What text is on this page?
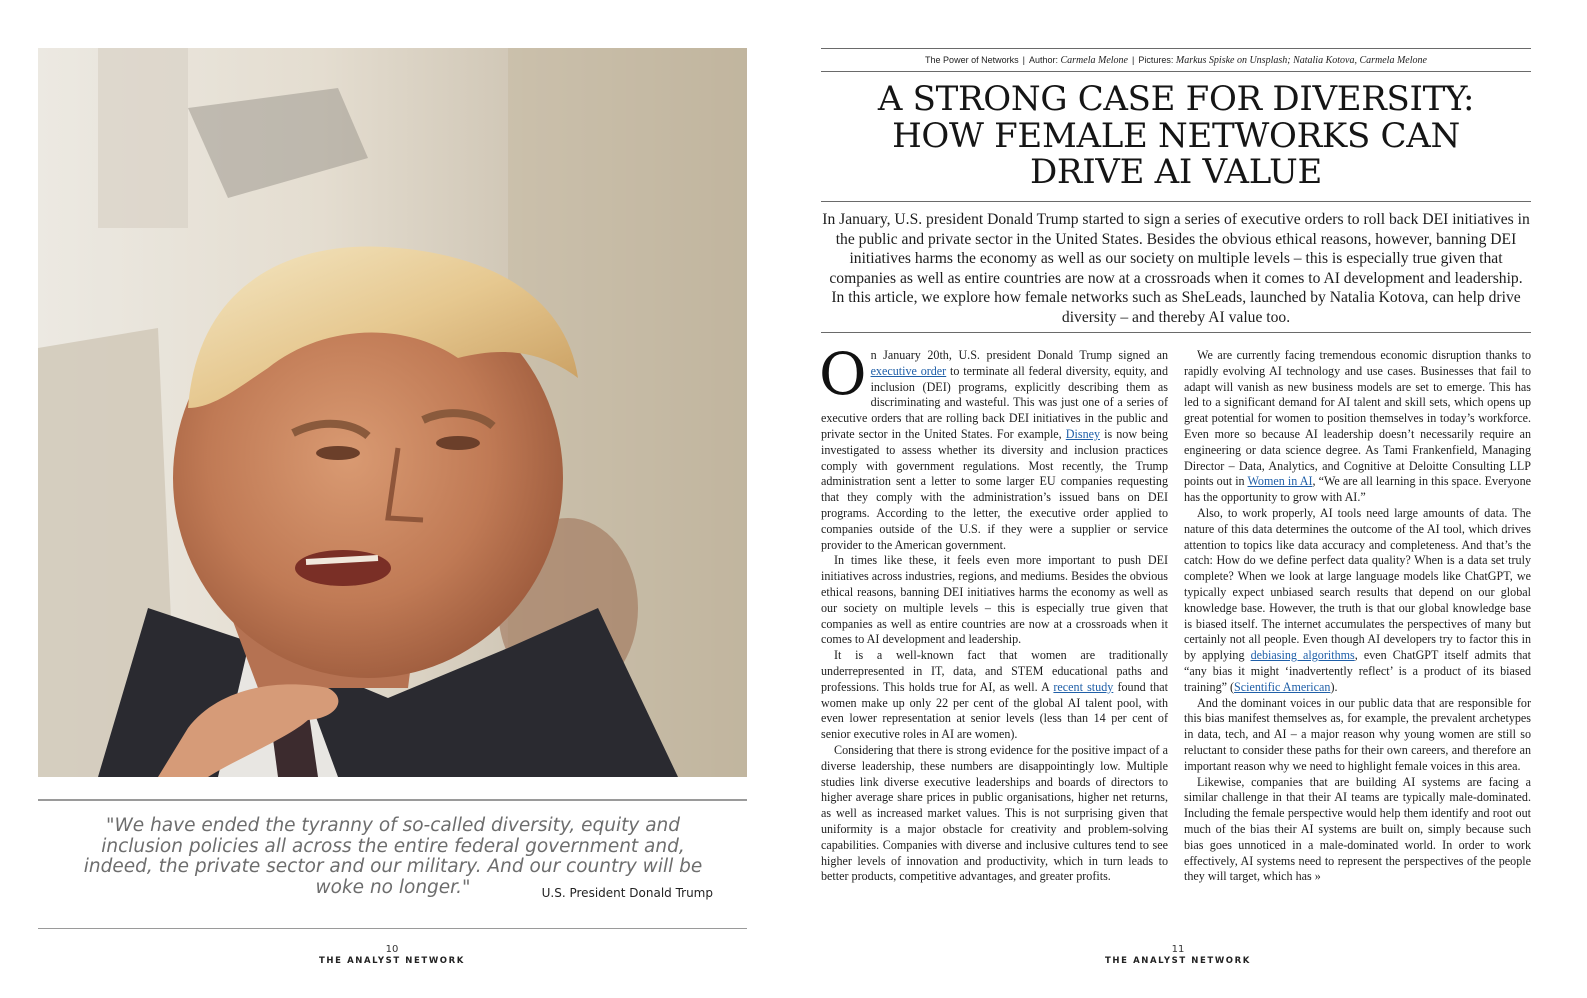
"We have ended the tyranny of so-called diversity, equity and inclusion policies all across the entire federal government and, indeed, the private sector and our military. And our country will be woke no longer."	U.S. President Donald Trump
10
THE ANALYST NETWORK
The Power of Networks | Author: Carmela Melone | Pictures: Markus Spiske on Unsplash; Natalia Kotova, Carmela Melone
A STRONG CASE FOR DIVERSITY:
HOW FEMALE NETWORKS CAN
DRIVE AI VALUE

In January, U.S. president Donald Trump started to sign a series of executive orders to roll back DEI initiatives in the public and private sector in the United States. Besides the obvious ethical reasons, however, banning DEI initiatives harms the economy as well as our society on multiple levels – this is especially true given that companies as well as entire countries are now at a crossroads when it comes to AI development and leadership. In this article, we explore how female networks such as SheLeads, launched by Natalia Kotova, can help drive diversity – and thereby AI value too.

On January 20th, U.S. president Donald Trump signed an executive order to terminate all federal diversity, equity, and inclusion (DEI) programs, explicitly describing them as discriminating and wasteful. This was just one of a series of executive orders that are rolling back DEI initiatives in the public and private sector in the United States. For example, Disney is now being investigated to assess whether its diversity and inclusion practices comply with government regulations. Most recently, the Trump administration sent a letter to some larger EU companies requesting that they comply with the administration’s issued bans on DEI programs. According to the letter, the executive order applied to companies outside of the U.S. if they were a supplier or service provider to the American government.

In times like these, it feels even more important to push DEI initiatives across industries, regions, and mediums. Besides the obvious ethical reasons, banning DEI initiatives harms the economy as well as our society on multiple levels – this is especially true given that companies as well as entire countries are now at a crossroads when it comes to AI development and leadership.

It is a well-known fact that women are traditionally underrepresented in IT, data, and STEM educational paths and professions. This holds true for AI, as well. A recent study found that women make up only 22 per cent of the global AI talent pool, with even lower representation at senior levels (less than 14 per cent of senior executive roles in AI are women).

Considering that there is strong evidence for the positive impact of a diverse leadership, these numbers are disappointingly low. Multiple studies link diverse executive leaderships and boards of directors to higher average share prices in public organisations, higher net returns, as well as increased market values. This is not surprising given that uniformity is a major obstacle for creativity and problem-solving capabilities. Companies with diverse and inclusive cultures tend to see higher levels of innovation and productivity, which in turn leads to better products, competitive advantages, and greater profits.

We are currently facing tremendous economic disruption thanks to rapidly evolving AI technology and use cases. Businesses that fail to adapt will vanish as new business models are set to emerge. This has led to a significant demand for AI talent and skill sets, which opens up great potential for women to position themselves in today’s workforce. Even more so because AI leadership doesn’t necessarily require an engineering or data science degree. As Tami Frankenfield, Managing Director – Data, Analytics, and Cognitive at Deloitte Consulting LLP points out in Women in AI, “We are all learning in this space. Everyone has the opportunity to grow with AI.”

Also, to work properly, AI tools need large amounts of data. The nature of this data determines the outcome of the AI tool, which drives attention to topics like data accuracy and completeness. And that’s the catch: How do we define perfect data quality? When is a data set truly complete? When we look at large language models like ChatGPT, we typically expect unbiased search results that depend on our global knowledge base. However, the truth is that our global knowledge base is biased itself. The internet accumulates the perspectives of many but certainly not all people. Even though AI developers try to factor this in by applying debiasing algorithms, even ChatGPT itself admits that “any bias it might ‘inadvertently reflect’ is a product of its biased training” (Scientific American).

And the dominant voices in our public data that are responsible for this bias manifest themselves as, for example, the prevalent archetypes in data, tech, and AI – a major reason why young women are still so reluctant to consider these paths for their own careers, and therefore an important reason why we need to highlight female voices in this area.

Likewise, companies that are building AI systems are facing a similar challenge in that their AI teams are typically male-dominated. Including the female perspective would help them identify and root out much of the bias their AI systems are built on, simply because such bias goes unnoticed in a male-dominated world. In order to work effectively, AI systems need to represent the perspectives of the people they will target, which has »

11
THE ANALYST NETWORK
